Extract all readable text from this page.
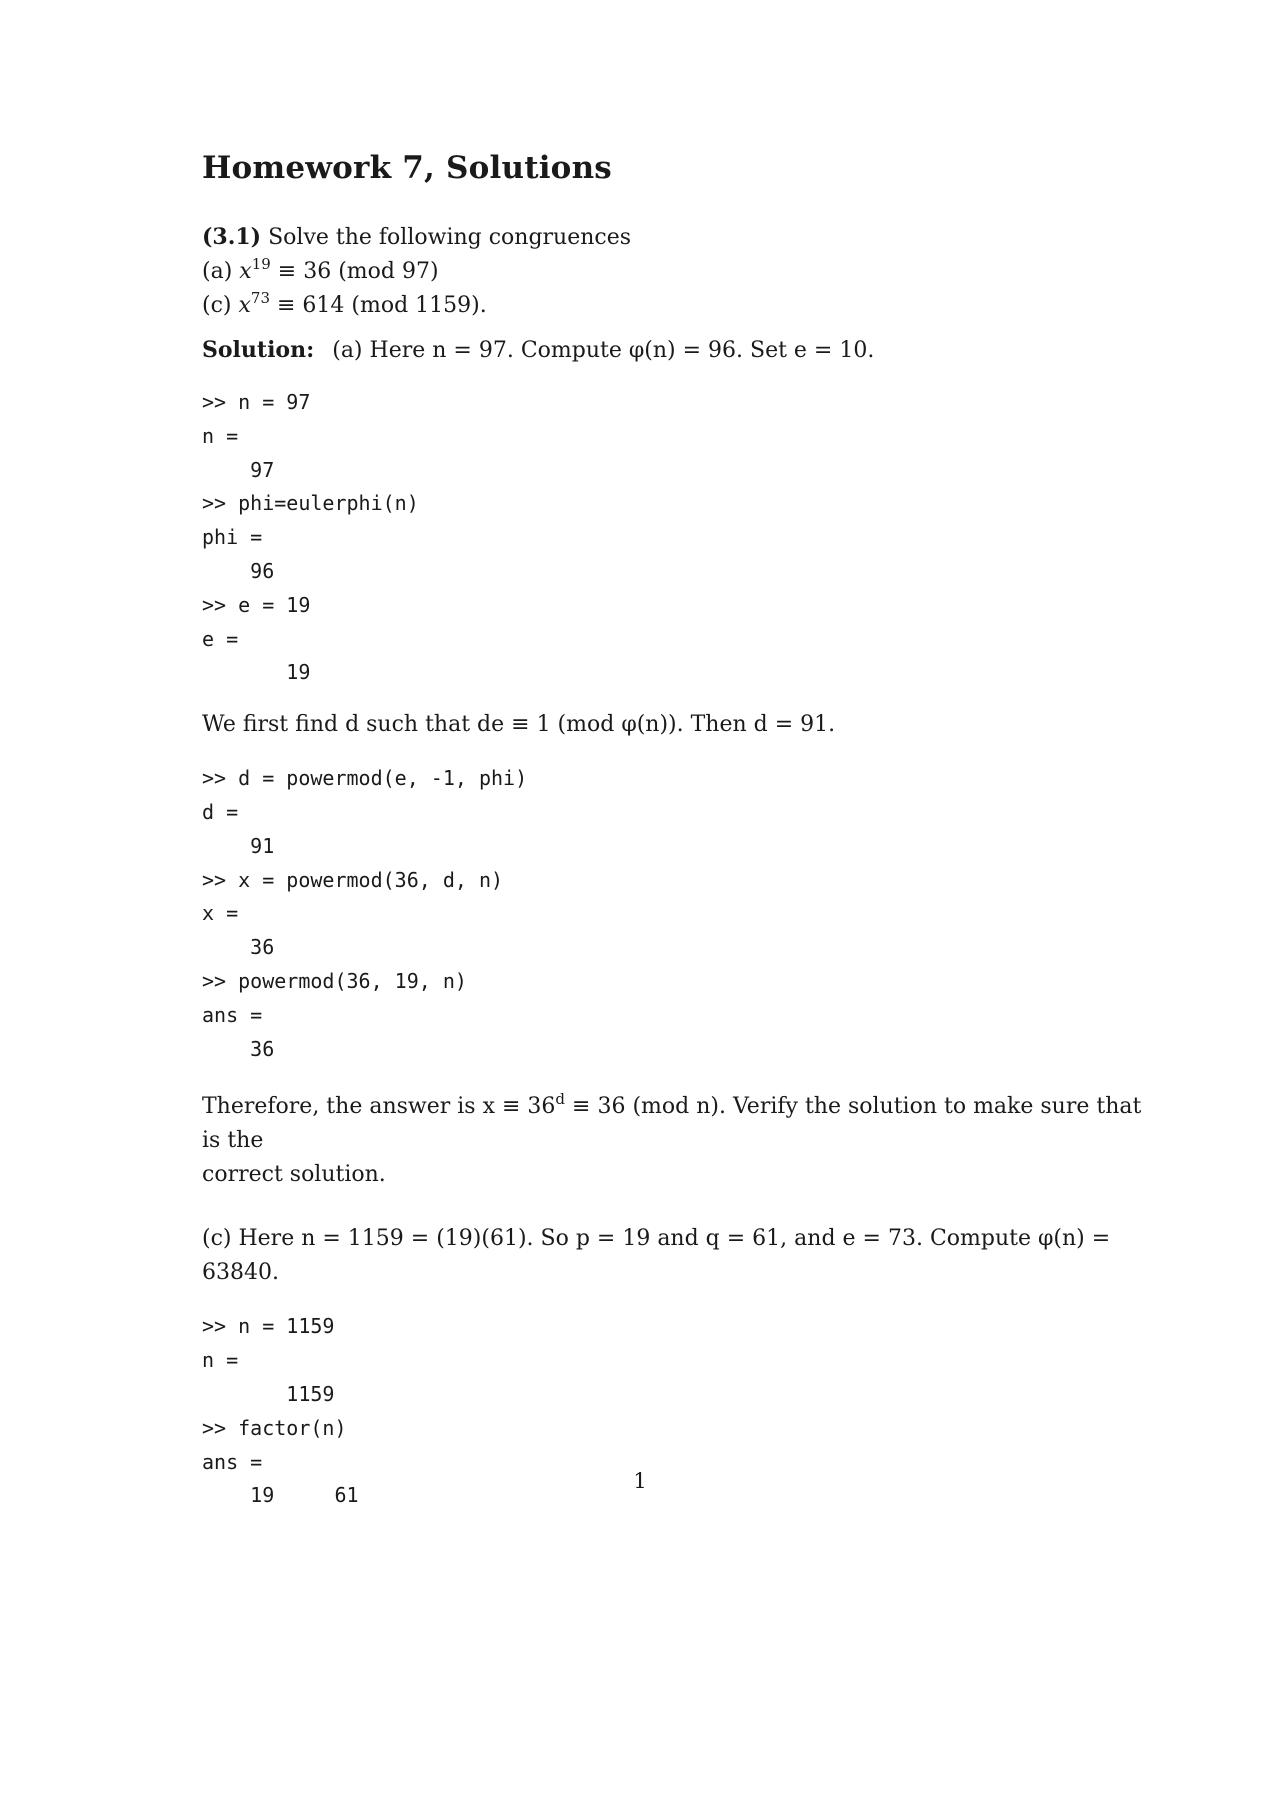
Homework 7, Solutions
(3.1) Solve the following congruences
(a) $x^{19} \equiv 36$ (mod 97)
(c) $x^{73} \equiv 614$ (mod 1159).
Solution: (a) Here n = 97. Compute φ(n) = 96. Set e = 10.
>> n = 97
n =
97
>> phi=eulerphi(n)
phi =
96
>> e = 19
e =
19
We first find d such that de ≡ 1 (mod φ(n)). Then d = 91.
>> d = powermod(e, -1, phi)
d =
91
>> x = powermod(36, d, n)
x =
36
>> powermod(36, 19, n)
ans =
36
Therefore, the answer is $x \equiv 36^d \equiv 36$ (mod n). Verify the solution to make sure that is the
correct solution.
(c) Here n = 1159 = (19)(61). So p = 19 and q = 61, and e = 73. Compute φ(n) = 63840.
>> n = 1159
n =
1159
>> factor(n)
ans =
19     61
1
